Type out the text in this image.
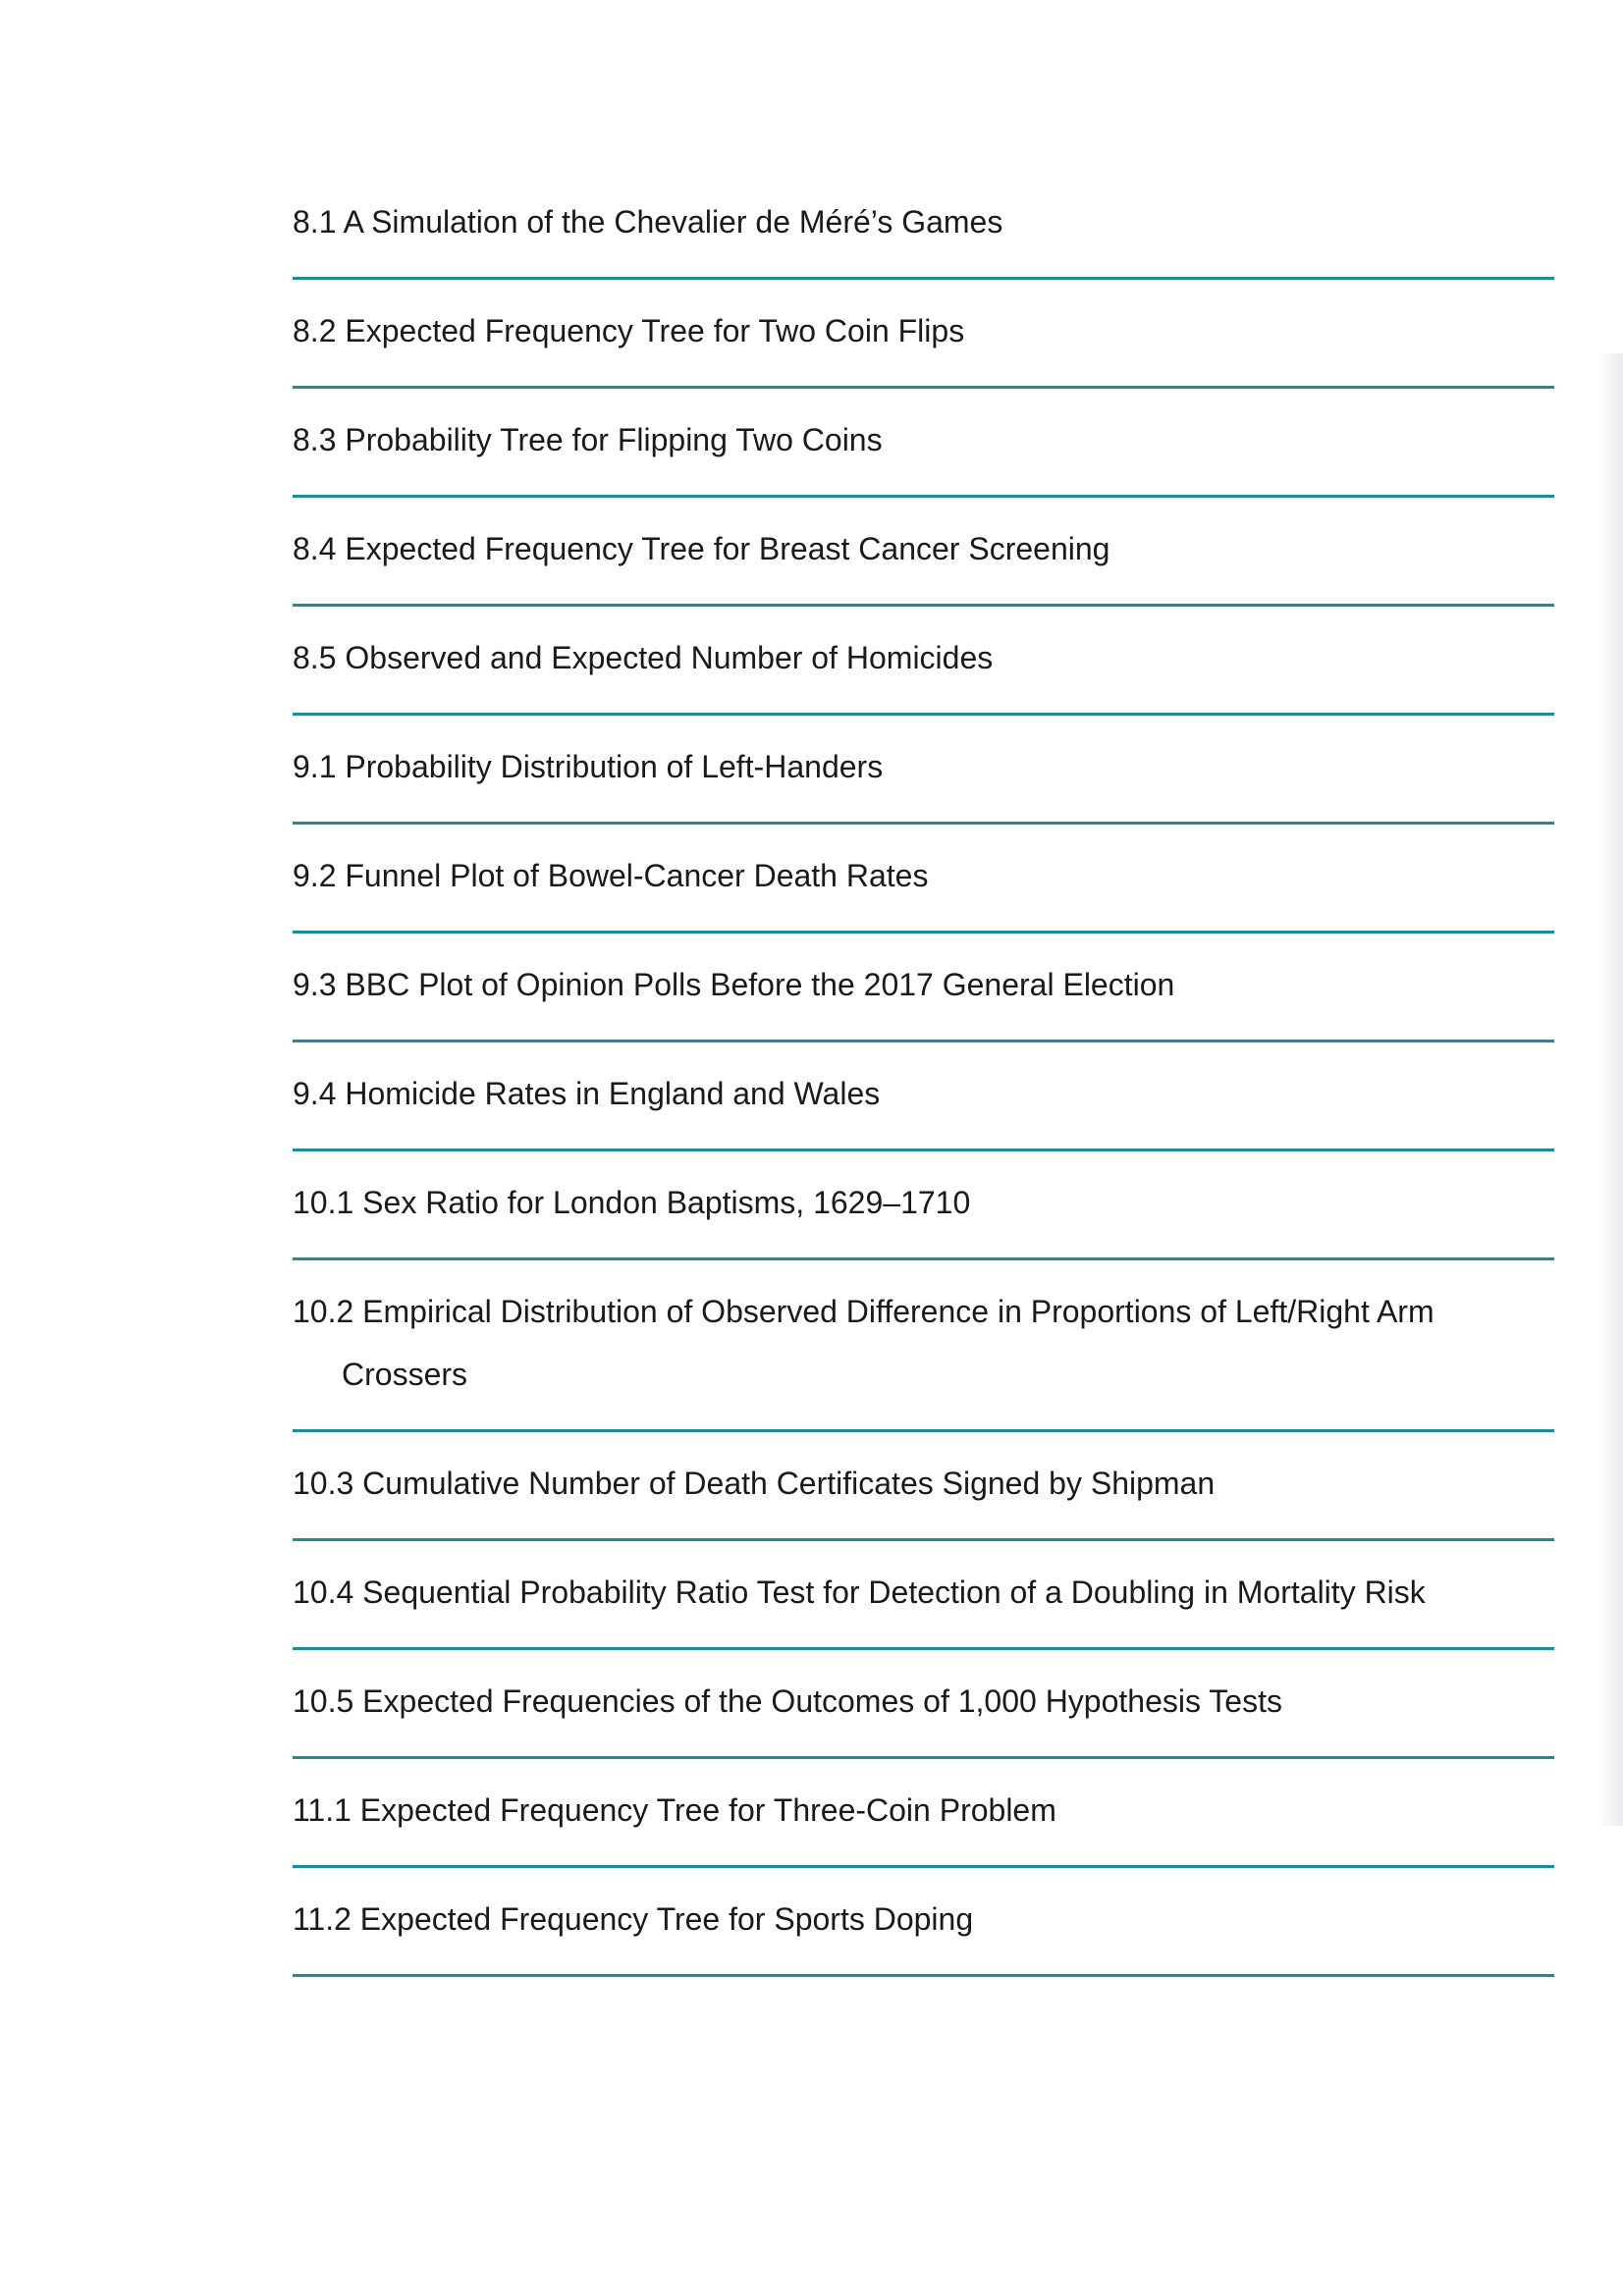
8.1 A Simulation of the Chevalier de Méré’s Games
8.2 Expected Frequency Tree for Two Coin Flips
8.3 Probability Tree for Flipping Two Coins
8.4 Expected Frequency Tree for Breast Cancer Screening
8.5 Observed and Expected Number of Homicides
9.1 Probability Distribution of Left-Handers
9.2 Funnel Plot of Bowel-Cancer Death Rates
9.3 BBC Plot of Opinion Polls Before the 2017 General Election
9.4 Homicide Rates in England and Wales
10.1 Sex Ratio for London Baptisms, 1629–1710
10.2 Empirical Distribution of Observed Difference in Proportions of Left/Right Arm Crossers
10.3 Cumulative Number of Death Certificates Signed by Shipman
10.4 Sequential Probability Ratio Test for Detection of a Doubling in Mortality Risk
10.5 Expected Frequencies of the Outcomes of 1,000 Hypothesis Tests
11.1 Expected Frequency Tree for Three-Coin Problem
11.2 Expected Frequency Tree for Sports Doping
